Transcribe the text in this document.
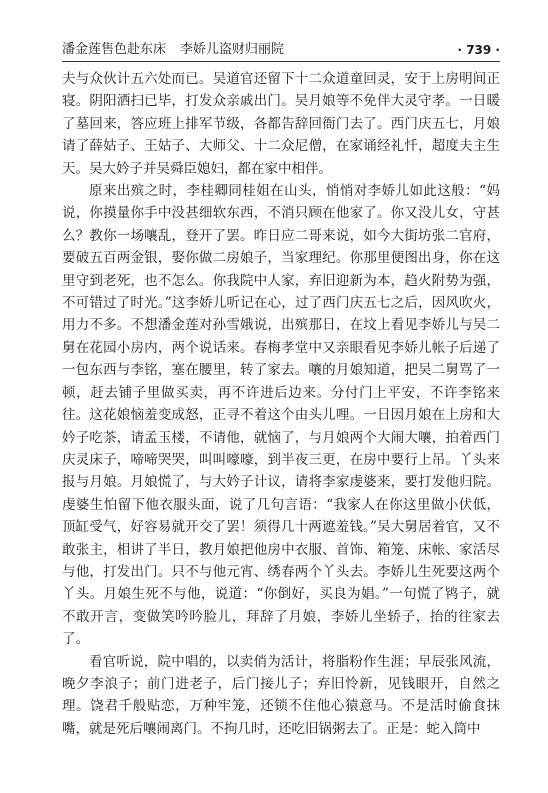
潘金莲售色赴东床 李娇儿盗财归丽院	· 739 ·

夫与众伙计五六处而已。吴道官还留下十二众道童回灵，安于上房明间正寝。阴阳洒扫已毕，打发众亲戚出门。吴月娘等不免伴大灵守孝。一日暖了墓回来，答应班上排军节级，各都告辞回衙门去了。西门庆五七，月娘请了薛姑子、王姑子、大师父、十二众尼僧，在家诵经礼忏，超度夫主生天。吴大妗子并吴舜臣媳妇，都在家中相伴。

原来出殡之时，李桂卿同桂姐在山头，悄悄对李娇儿如此这般：“妈说，你摸量你手中没甚细软东西，不消只顾在他家了。你又没儿女，守甚么？教你一场嚷乱，登开了罢。昨日应二哥来说，如今大街坊张二官府，要破五百两金银，娶你做二房娘子，当家理纪。你那里便图出身，你在这里守到老死，也不怎么。你我院中人家，弃旧迎新为本，趋火附势为强，不可错过了时光。”这李娇儿听记在心，过了西门庆五七之后，因风吹火，用力不多。不想潘金莲对孙雪娥说，出殡那日，在坟上看见李娇儿与吴二舅在花园小房内，两个说话来。春梅孝堂中又亲眼看见李娇儿帐子后递了一包东西与李铭，塞在腰里，转了家去。嚷的月娘知道，把吴二舅骂了一顿，赶去铺子里做买卖，再不许进后边来。分付门上平安，不许李铭来往。这花娘恼羞变成怒，正寻不着这个由头儿哩。一日因月娘在上房和大妗子吃茶，请孟玉楼，不请他，就恼了，与月娘两个大闹大嚷，拍着西门庆灵床子，啼啼哭哭，叫叫嚎嚎，到半夜三更，在房中要行上吊。丫头来报与月娘。月娘慌了，与大妗子计议，请将李家虔婆来，要打发他归院。虔婆生怕留下他衣服头面，说了几句言语：“我家人在你这里做小伏低，顶缸受气，好容易就开交了罢！须得几十两遮羞钱。”吴大舅居着官，又不敢张主，相讲了半日，教月娘把他房中衣服、首饰、箱笼、床帐、家活尽与他，打发出门。只不与他元宵、绣春两个丫头去。李娇儿生死要这两个丫头。月娘生死不与他，说道：“你倒好，买良为娼。”一句慌了鸨子，就不敢开言，变做笑吟吟脸儿，拜辞了月娘，李娇儿坐轿子，抬的往家去了。

看官听说，院中唱的，以卖俏为活计，将脂粉作生涯；早辰张风流，晚夕李浪子；前门进老子，后门接儿子；弃旧怜新，见钱眼开，自然之理。饶君千般贴恋，万种牢笼，还锁不住他心猿意马。不是活时偷食抹嘴，就是死后嚷闹离门。不拘几时，还吃旧锅粥去了。正是：蛇入筒中
